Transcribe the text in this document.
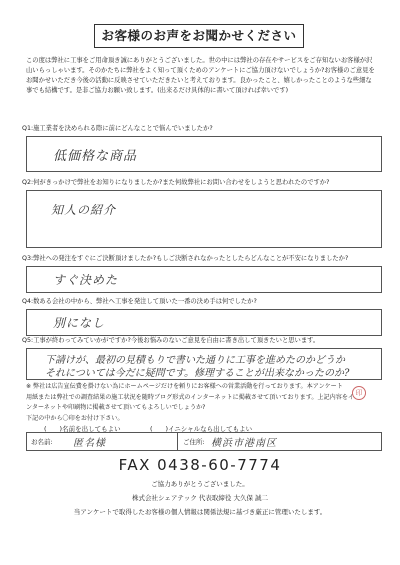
お客様のお声をお聞かせください
この度は弊社に工事をご用命頂き誠にありがとうございました。世の中には弊社の存在やサービスをご存知ないお客様が沢山いらっしゃいます。そのかたちに弊社をよく知って頂くためのアンケートにご協力頂けないでしょうか?お客様のご意見をお聞かせいただき今後の活動に反映させていただきたいと考えております。良かったこと、嬉しかったことのような些細な事でも結構です。是非ご協力お願い致します。(出来るだけ具体的に書いて頂ければ幸いです)
Q1:施工業者を決められる際に前にどんなことで悩んでいましたか?
低価格な商品
Q2:何がきっかけで弊社をお知りになりましたか?また何故弊社にお問い合わせをしようと思われたのですか?
知人の紹介
Q3:弊社への発注をすぐにご決断頂けましたか?もしご決断されなかったとしたらどんなことが不安になりましたか?
すぐ決めた
Q4:数ある会社の中から、弊社へ工事を発注して頂いた一番の決め手は何でしたか?
別になし
Q5:工事が終わってみていかがですか?今後お悩みのないご意見を自由に書き出して頂きたいと思います。
下請けが、最初の見積もりで書いた通りに工事を進めたのかどうか
それについては今だに疑問です。修理することが出来なかったのか?
※ 弊社は広告宣伝費を掛けない為にホームページだけを頼りにお客様への営業活動を行っております。本アンケート
用紙または弊社での調査結果の施工状況を随時ブログ形式のインターネットに掲載させて頂いております。上記内容をイ
ンターネットや印刷物に掲載させて頂いてもよろしいでしょうか?
下記の中から〇印をお付け下さい。
印
(　　)名前を出してもよい	(　　)イニシャルなら出してもよい
お名前: 匿名様	ご住所: 横浜市港南区
FAX 0438-60-7774
ご協力ありがとうございました。
株式会社シェアテック 代表取締役 大久保 誠二
当アンケートで取得したお客様の個人情報は関係法規に基づき厳正に管理いたします。
